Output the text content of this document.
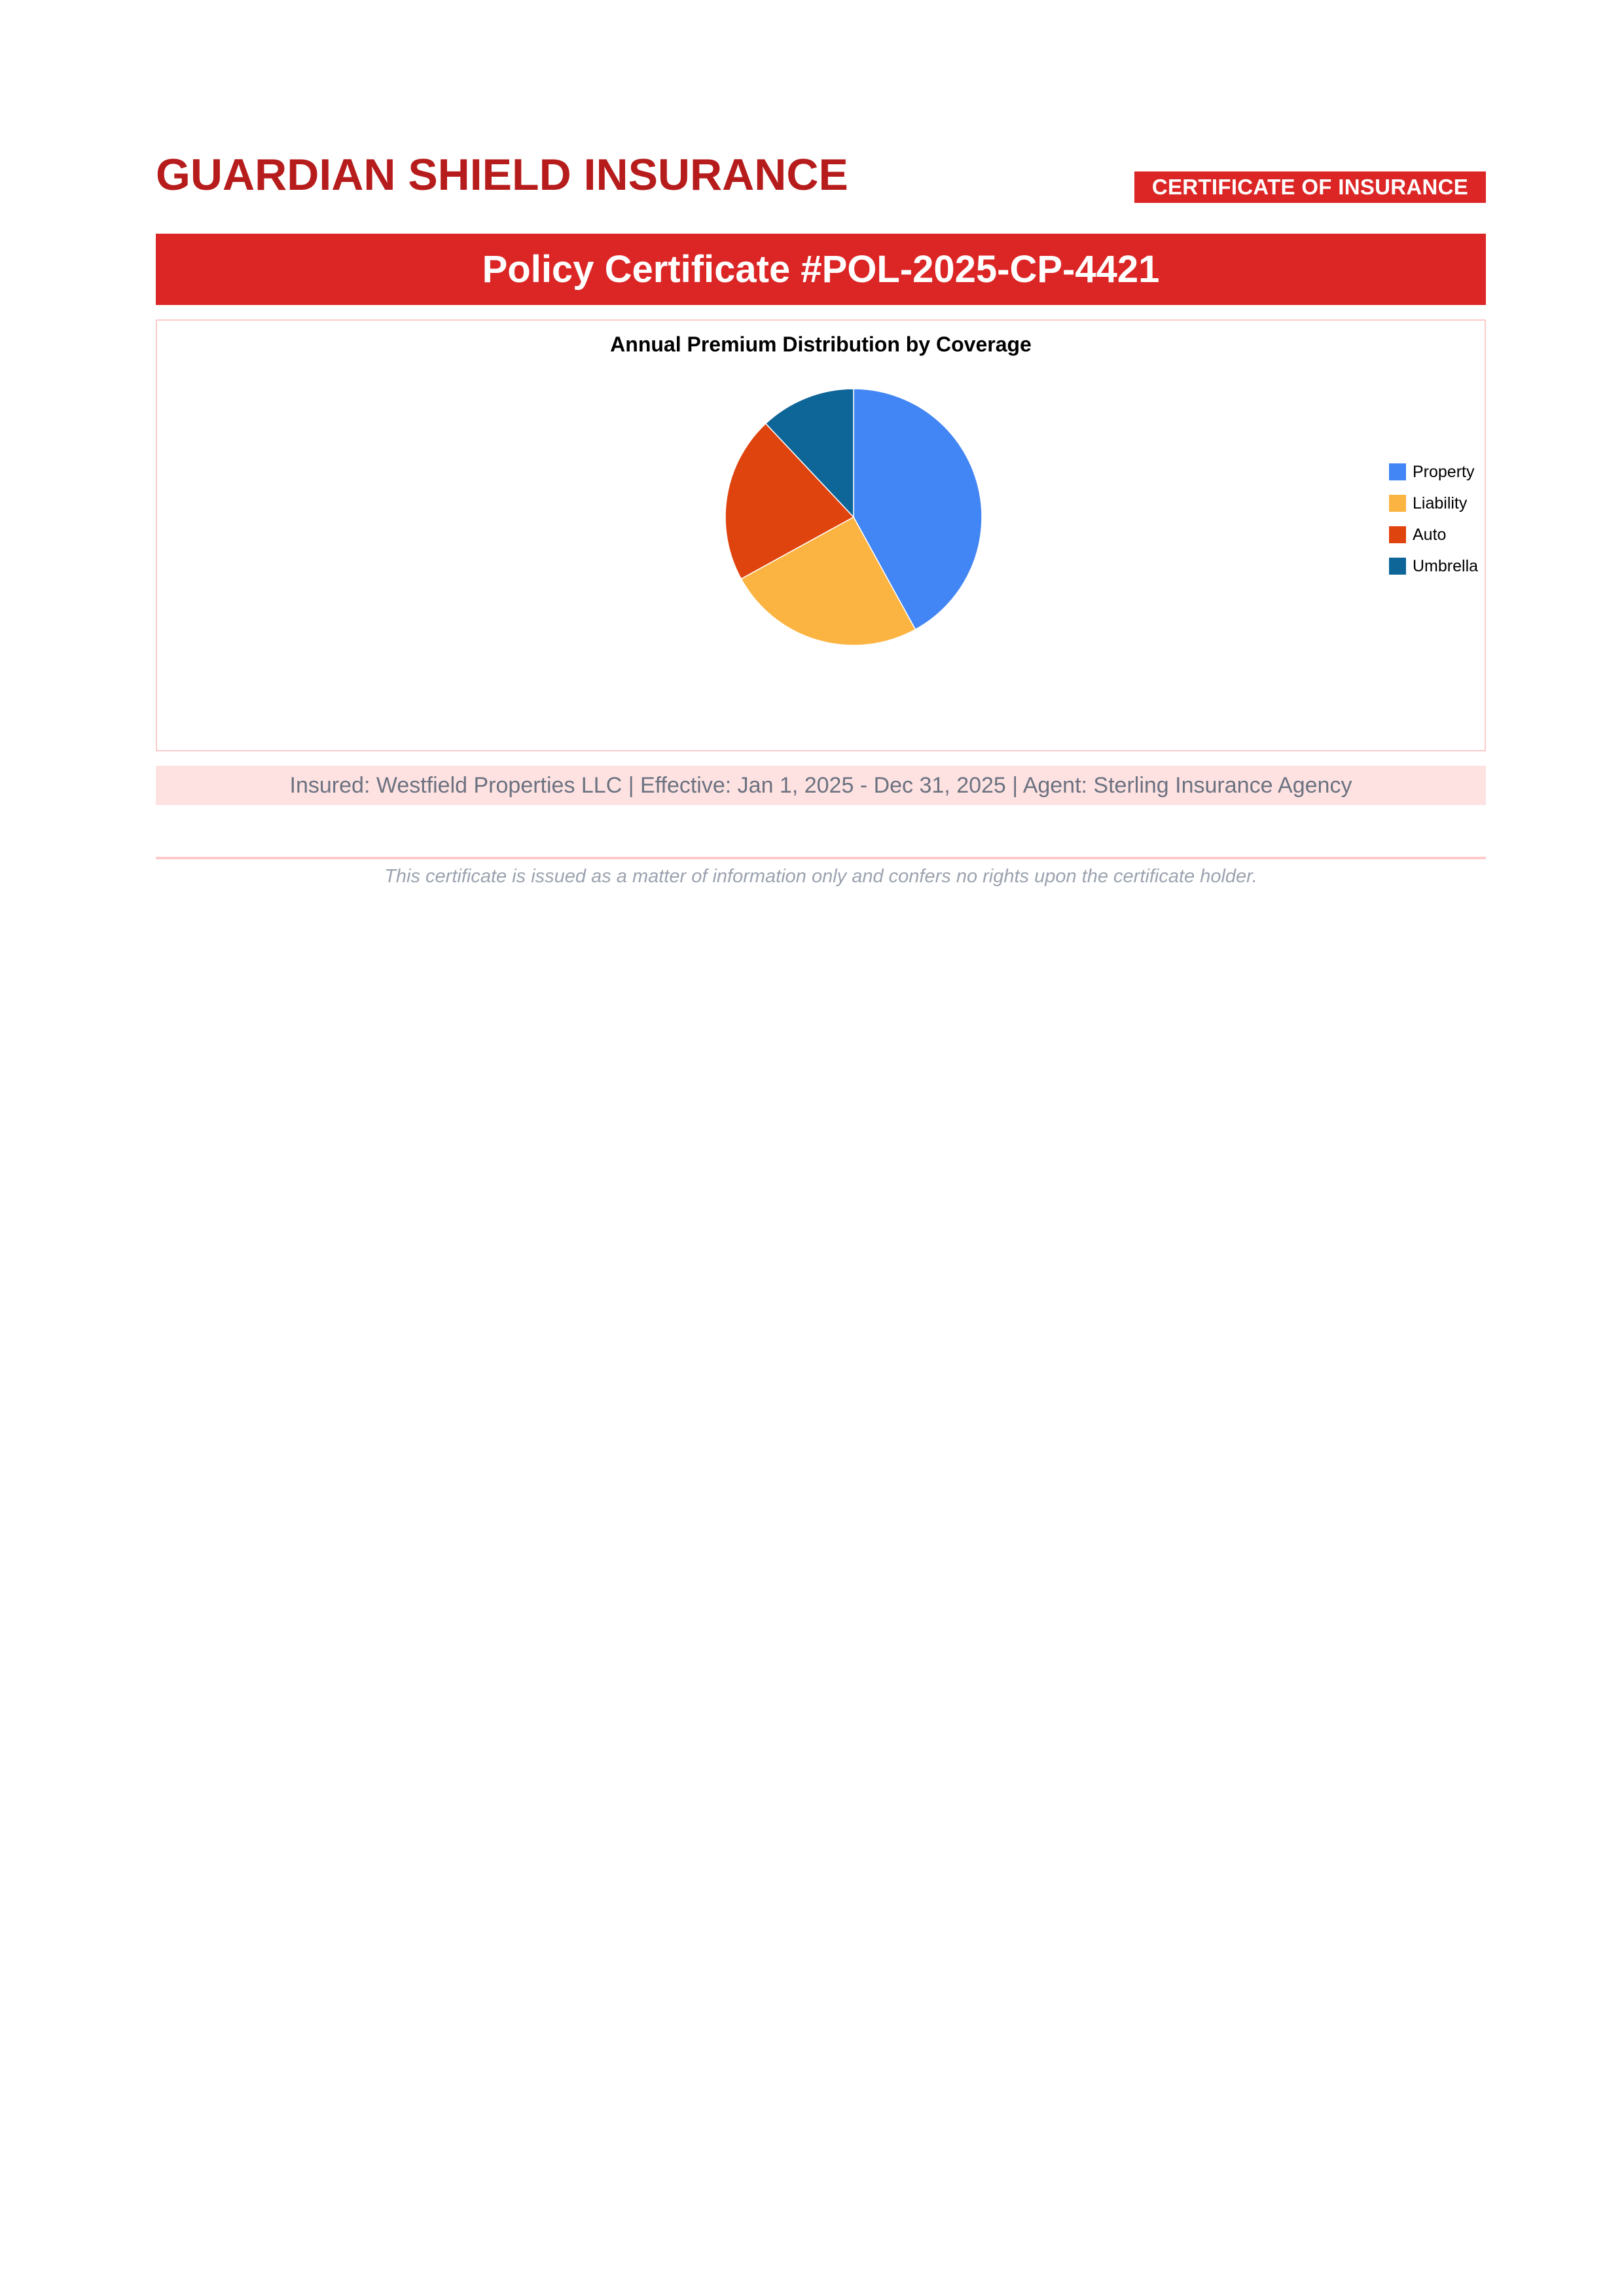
GUARDIAN SHIELD INSURANCE	CERTIFICATE OF INSURANCE
Policy Certificate #POL-2025-CP-4421
Annual Premium Distribution by Coverage
Property
Liability
Auto
Umbrella
Insured: Westfield Properties LLC | Effective: Jan 1, 2025 - Dec 31, 2025 | Agent: Sterling Insurance Agency
This certificate is issued as a matter of information only and confers no rights upon the certificate holder.
